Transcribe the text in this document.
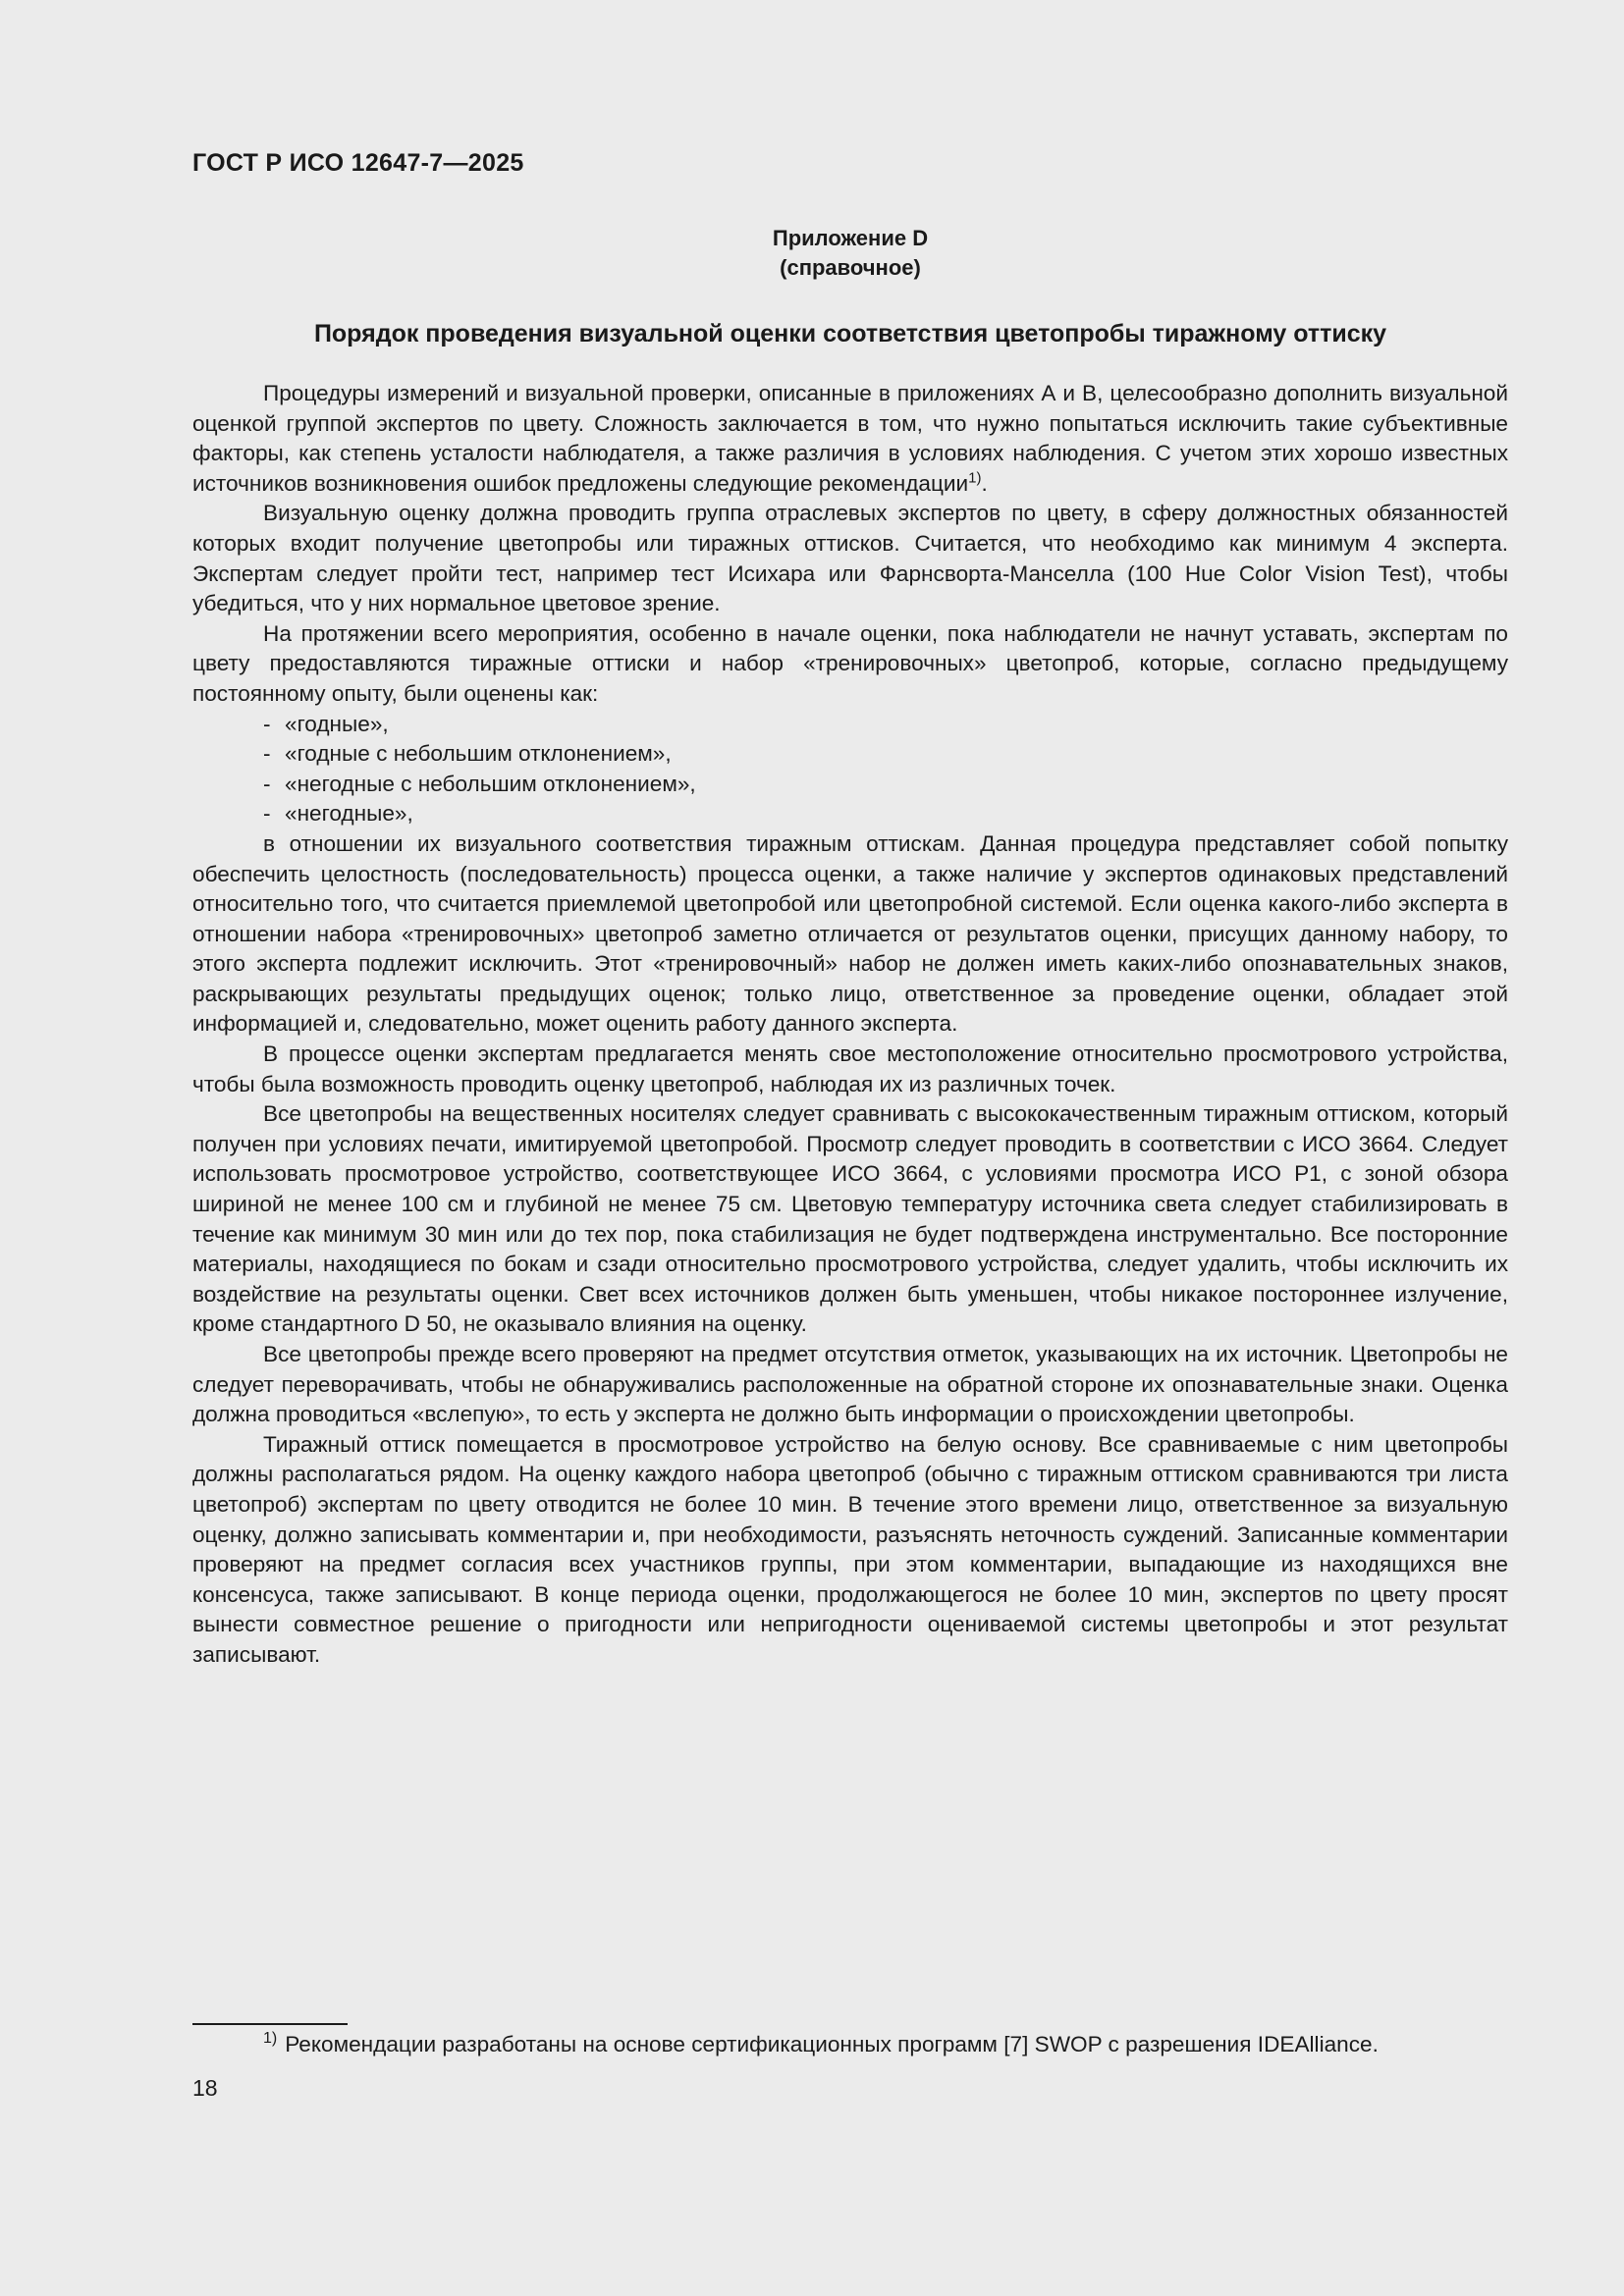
ГОСТ Р ИСО 12647-7—2025
Приложение D
(справочное)
Порядок проведения визуальной оценки соответствия цветопробы тиражному оттиску

Процедуры измерений и визуальной проверки, описанные в приложениях А и В, целесообразно дополнить визуальной оценкой группой экспертов по цвету. Сложность заключается в том, что нужно попытаться исключить такие субъективные факторы, как степень усталости наблюдателя, а также различия в условиях наблюдения. С учетом этих хорошо известных источников возникновения ошибок предложены следующие рекомендации$^{1)}$.

Визуальную оценку должна проводить группа отраслевых экспертов по цвету, в сферу должностных обязанностей которых входит получение цветопробы или тиражных оттисков. Считается, что необходимо как минимум 4 эксперта. Экспертам следует пройти тест, например тест Исихара или Фарнсворта-Манселла (100 Hue Color Vision Test), чтобы убедиться, что у них нормальное цветовое зрение.

На протяжении всего мероприятия, особенно в начале оценки, пока наблюдатели не начнут уставать, экспертам по цвету предоставляются тиражные оттиски и набор «тренировочных» цветопроб, которые, согласно предыдущему постоянному опыту, были оценены как:

- «годные»,
- «годные с небольшим отклонением»,
- «негодные с небольшим отклонением»,
- «негодные»,

в отношении их визуального соответствия тиражным оттискам. Данная процедура представляет собой попытку обеспечить целостность (последовательность) процесса оценки, а также наличие у экспертов одинаковых представлений относительно того, что считается приемлемой цветопробой или цветопробной системой. Если оценка какого-либо эксперта в отношении набора «тренировочных» цветопроб заметно отличается от результатов оценки, присущих данному набору, то этого эксперта подлежит исключить. Этот «тренировочный» набор не должен иметь каких-либо опознавательных знаков, раскрывающих результаты предыдущих оценок; только лицо, ответственное за проведение оценки, обладает этой информацией и, следовательно, может оценить работу данного эксперта.

В процессе оценки экспертам предлагается менять свое местоположение относительно просмотрового устройства, чтобы была возможность проводить оценку цветопроб, наблюдая их из различных точек.

Все цветопробы на вещественных носителях следует сравнивать с высококачественным тиражным оттиском, который получен при условиях печати, имитируемой цветопробой. Просмотр следует проводить в соответствии с ИСО 3664. Следует использовать просмотровое устройство, соответствующее ИСО 3664, с условиями просмотра ИСО P1, с зоной обзора шириной не менее 100 см и глубиной не менее 75 см. Цветовую температуру источника света следует стабилизировать в течение как минимум 30 мин или до тех пор, пока стабилизация не будет подтверждена инструментально. Все посторонние материалы, находящиеся по бокам и сзади относительно просмотрового устройства, следует удалить, чтобы исключить их воздействие на результаты оценки. Свет всех источников должен быть уменьшен, чтобы никакое постороннее излучение, кроме стандартного D 50, не оказывало влияния на оценку.

Все цветопробы прежде всего проверяют на предмет отсутствия отметок, указывающих на их источник. Цветопробы не следует переворачивать, чтобы не обнаруживались расположенные на обратной стороне их опознавательные знаки. Оценка должна проводиться «вслепую», то есть у эксперта не должно быть информации о происхождении цветопробы.

Тиражный оттиск помещается в просмотровое устройство на белую основу. Все сравниваемые с ним цветопробы должны располагаться рядом. На оценку каждого набора цветопроб (обычно с тиражным оттиском сравниваются три листа цветопроб) экспертам по цвету отводится не более 10 мин. В течение этого времени лицо, ответственное за визуальную оценку, должно записывать комментарии и, при необходимости, разъяснять неточность суждений. Записанные комментарии проверяют на предмет согласия всех участников группы, при этом комментарии, выпадающие из находящихся вне консенсуса, также записывают. В конце периода оценки, продолжающегося не более 10 мин, экспертов по цвету просят вынести совместное решение о пригодности или непригодности оцениваемой системы цветопробы и этот результат записывают.

$^{1)}$ Рекомендации разработаны на основе сертификационных программ [7] SWOP с разрешения IDEAlliance.
18
